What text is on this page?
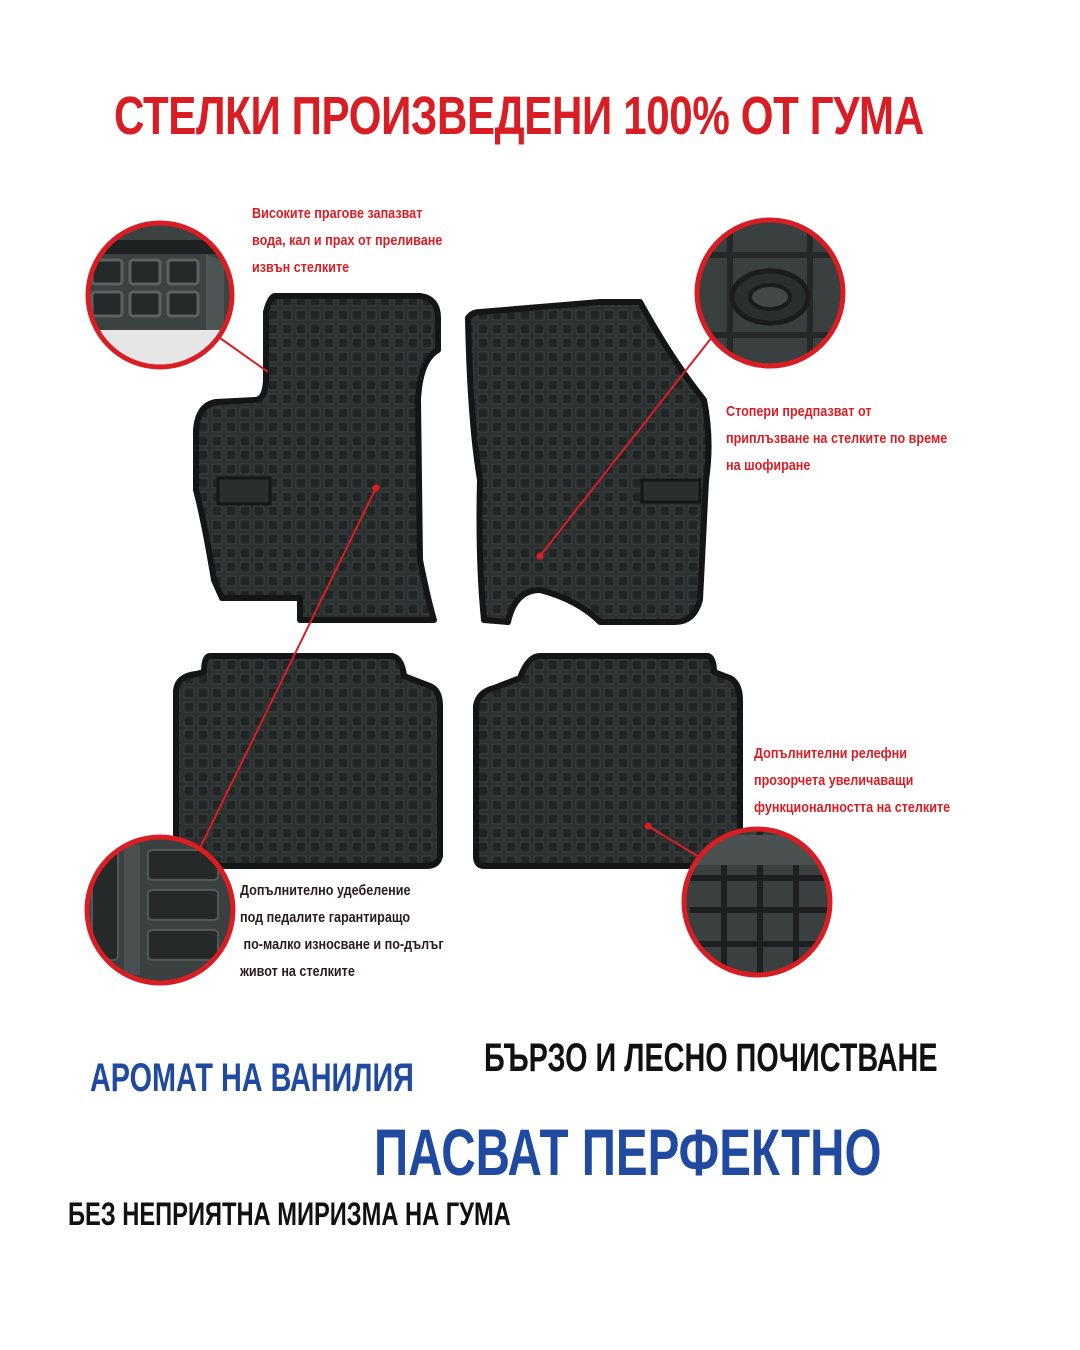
СТЕЛКИ ПРОИЗВЕДЕНИ 100% ОТ ГУМА
Високите прагове запазват
вода, кал и прах от преливане
извън стелките
Стопери предпазват от
приплъзване на стелките по време
на шофиране
Допълнителни релефни
прозорчета увеличаващи
функционалността на стелките
Допълнително удебеление
под педалите гарантиращо
по-малко износване и по-дълъг
живот на стелките
АРОМАТ НА ВАНИЛИЯ БЪРЗО И ЛЕСНО ПОЧИСТВАНЕ
ПАСВАТ ПЕРФЕКТНО
БЕЗ НЕПРИЯТНА МИРИЗМА НА ГУМА
